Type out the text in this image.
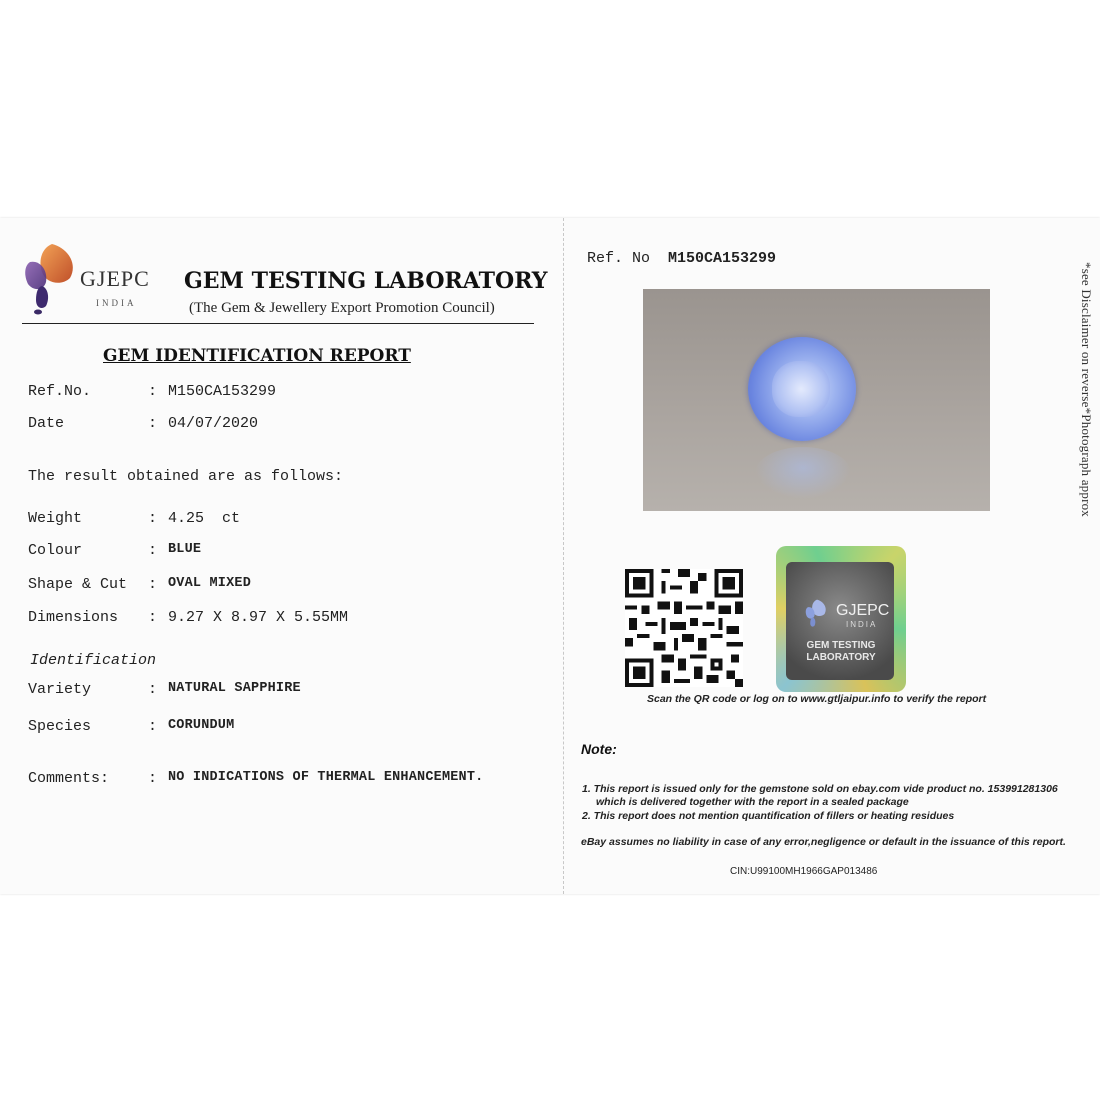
GJEPC
INDIA
GEM TESTING LABORATORY
(The Gem & Jewellery Export Promotion Council)
GEM IDENTIFICATION REPORT
Ref.No.	: M150CA153299
Date	: 04/07/2020
The result obtained are as follows:
Weight	: 4.25 ct
Colour	: BLUE
Shape & Cut : OVAL MIXED
Dimensions : 9.27 X 8.97 X 5.55MM
Identification
Variety	: NATURAL SAPPHIRE
Species	: CORUNDUM
Comments:	: NO INDICATIONS OF THERMAL ENHANCEMENT.
Ref. No M150CA153299
*see Disclaimer on reverse*Photograph approx
GJEPC
INDIA
GEM TESTING
LABORATORY
Scan the QR code or log on to www.gtljaipur.info to verify the report
Note:
1. This report is issued only for the gemstone sold on ebay.com vide product no. 153991281306
which is delivered together with the report in a sealed package
2. This report does not mention quantification of fillers or heating residues
eBay assumes no liability in case of any error,negligence or default in the issuance of this report.
CIN:U99100MH1966GAP013486
